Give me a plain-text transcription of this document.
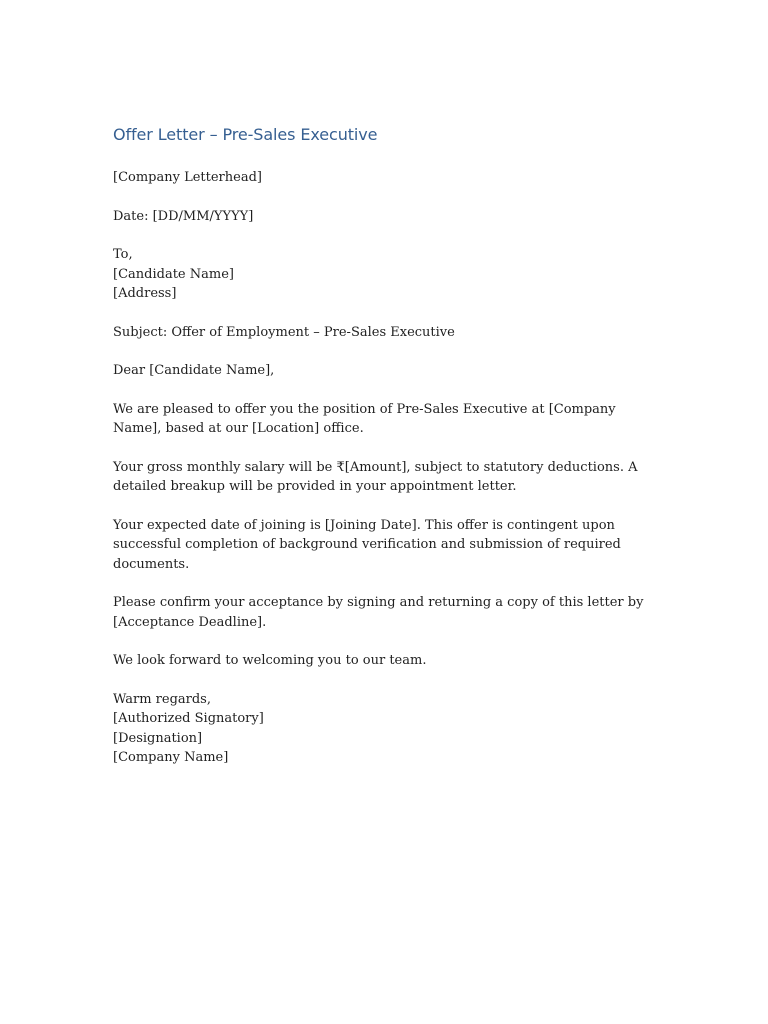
Offer Letter – Pre-Sales Executive

[Company Letterhead]

Date: [DD/MM/YYYY]

To,
[Candidate Name]
[Address]

Subject: Offer of Employment – Pre-Sales Executive

Dear [Candidate Name],

We are pleased to offer you the position of Pre-Sales Executive at [Company Name], based at our [Location] office.

Your gross monthly salary will be ₹[Amount], subject to statutory deductions. A detailed breakup will be provided in your appointment letter.

Your expected date of joining is [Joining Date]. This offer is contingent upon successful completion of background verification and submission of required documents.

Please confirm your acceptance by signing and returning a copy of this letter by [Acceptance Deadline].

We look forward to welcoming you to our team.

Warm regards,
[Authorized Signatory]
[Designation]
[Company Name]
